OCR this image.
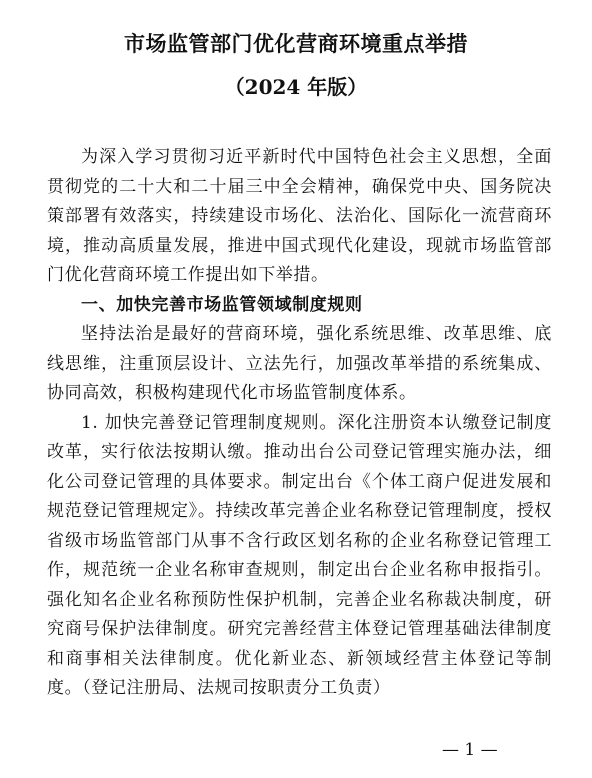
市场监管部门优化营商环境重点举措
（2024 年版）

为深入学习贯彻习近平新时代中国特色社会主义思想，全面贯彻党的二十大和二十届三中全会精神，确保党中央、国务院决策部署有效落实，持续建设市场化、法治化、国际化一流营商环境，推动高质量发展，推进中国式现代化建设，现就市场监管部门优化营商环境工作提出如下举措。

一、加快完善市场监管领域制度规则

坚持法治是最好的营商环境，强化系统思维、改革思维、底线思维，注重顶层设计、立法先行，加强改革举措的系统集成、协同高效，积极构建现代化市场监管制度体系。

1. 加快完善登记管理制度规则。深化注册资本认缴登记制度改革，实行依法按期认缴。推动出台公司登记管理实施办法，细化公司登记管理的具体要求。制定出台《个体工商户促进发展和规范登记管理规定》。持续改革完善企业名称登记管理制度，授权省级市场监管部门从事不含行政区划名称的企业名称登记管理工作，规范统一企业名称审查规则，制定出台企业名称申报指引。强化知名企业名称预防性保护机制，完善企业名称裁决制度，研究商号保护法律制度。研究完善经营主体登记管理基础法律制度和商事相关法律制度。优化新业态、新领域经营主体登记等制度。（登记注册局、法规司按职责分工负责）

— 1 —
